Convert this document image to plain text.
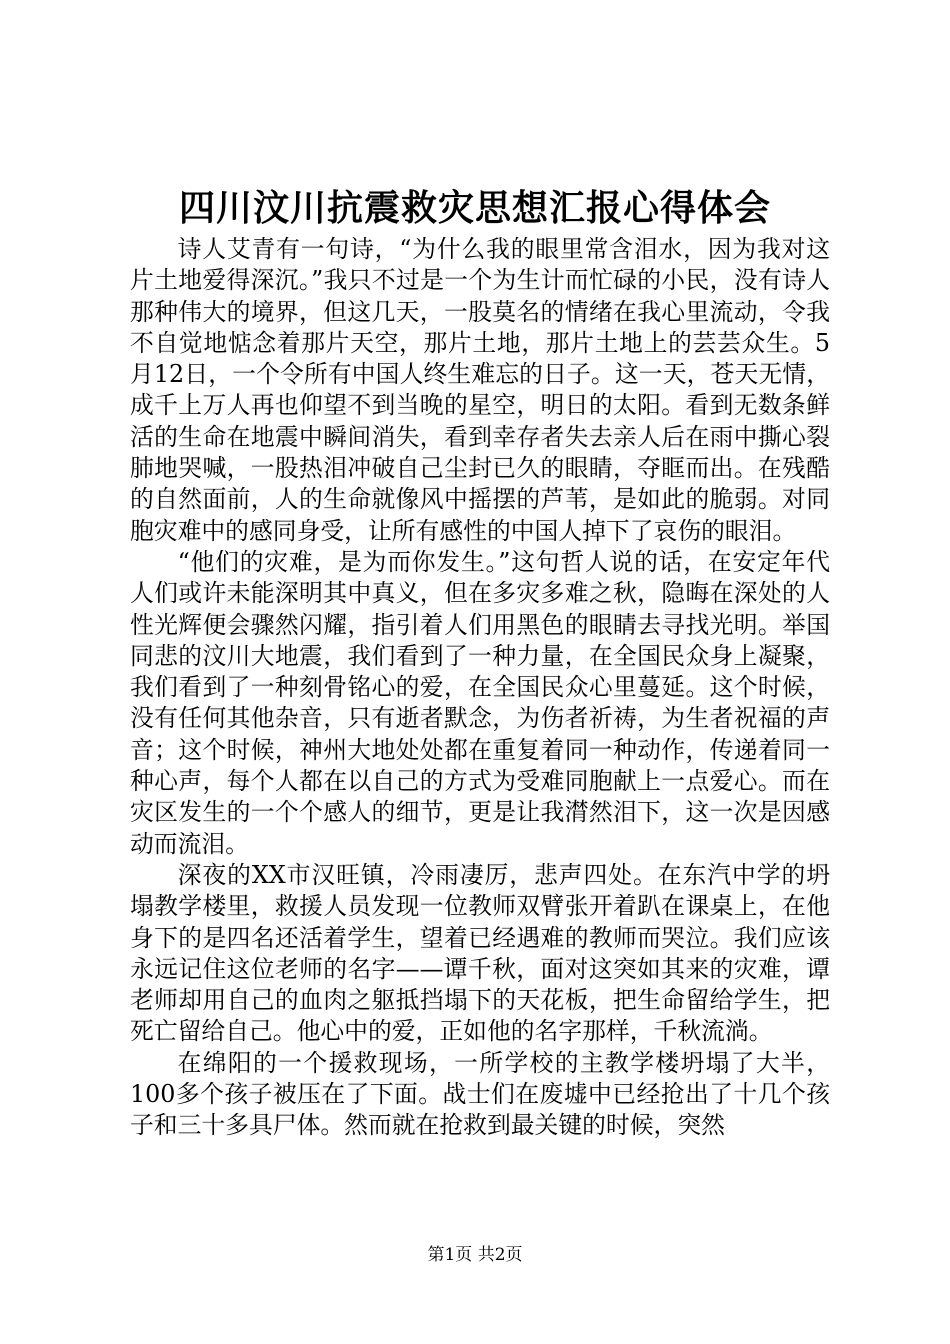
四川汶川抗震救灾思想汇报心得体会

诗人艾青有一句诗，“为什么我的眼里常含泪水，因为我对这片土地爱得深沉。”我只不过是一个为生计而忙碌的小民，没有诗人那种伟大的境界，但这几天，一股莫名的情绪在我心里流动，令我不自觉地惦念着那片天空，那片土地，那片土地上的芸芸众生。5月12日，一个令所有中国人终生难忘的日子。这一天，苍天无情，成千上万人再也仰望不到当晚的星空，明日的太阳。看到无数条鲜活的生命在地震中瞬间消失，看到幸存者失去亲人后在雨中撕心裂肺地哭喊，一股热泪冲破自己尘封已久的眼睛，夺眶而出。在残酷的自然面前，人的生命就像风中摇摆的芦苇，是如此的脆弱。对同胞灾难中的感同身受，让所有感性的中国人掉下了哀伤的眼泪。

“他们的灾难，是为而你发生。”这句哲人说的话，在安定年代人们或许未能深明其中真义，但在多灾多难之秋，隐晦在深处的人性光辉便会骤然闪耀，指引着人们用黑色的眼睛去寻找光明。举国同悲的汶川大地震，我们看到了一种力量，在全国民众身上凝聚，我们看到了一种刻骨铭心的爱，在全国民众心里蔓延。这个时候，没有任何其他杂音，只有逝者默念，为伤者祈祷，为生者祝福的声音；这个时候，神州大地处处都在重复着同一种动作，传递着同一种心声，每个人都在以自己的方式为受难同胞献上一点爱心。而在灾区发生的一个个感人的细节，更是让我潸然泪下，这一次是因感动而流泪。

深夜的XX市汉旺镇，冷雨凄厉，悲声四处。在东汽中学的坍塌教学楼里，救援人员发现一位教师双臂张开着趴在课桌上，在他身下的是四名还活着学生，望着已经遇难的教师而哭泣。我们应该永远记住这位老师的名字——谭千秋，面对这突如其来的灾难，谭老师却用自己的血肉之躯抵挡塌下的天花板，把生命留给学生，把死亡留给自己。他心中的爱，正如他的名字那样，千秋流淌。

在绵阳的一个援救现场，一所学校的主教学楼坍塌了大半，100多个孩子被压在了下面。战士们在废墟中已经抢出了十几个孩子和三十多具尸体。然而就在抢救到最关键的时候，突然

第1页 共2页
